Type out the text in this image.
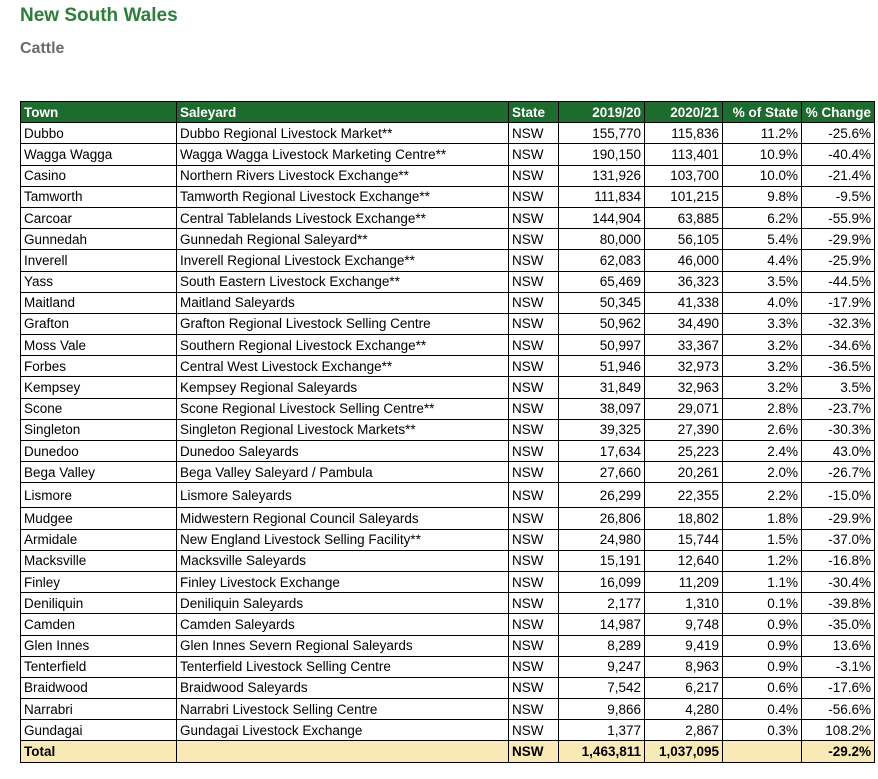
New South Wales
Cattle
Town	Saleyard	State	2019/20	2020/21	% of State	% Change
Dubbo	Dubbo Regional Livestock Market**	NSW	155,770	115,836	11.2%	-25.6%
Wagga Wagga	Wagga Wagga Livestock Marketing Centre**	NSW	190,150	113,401	10.9%	-40.4%
Casino	Northern Rivers Livestock Exchange**	NSW	131,926	103,700	10.0%	-21.4%
Tamworth	Tamworth Regional Livestock Exchange**	NSW	111,834	101,215	9.8%	-9.5%
Carcoar	Central Tablelands Livestock Exchange**	NSW	144,904	63,885	6.2%	-55.9%
Gunnedah	Gunnedah Regional Saleyard**	NSW	80,000	56,105	5.4%	-29.9%
Inverell	Inverell Regional Livestock Exchange**	NSW	62,083	46,000	4.4%	-25.9%
Yass	South Eastern Livestock Exchange**	NSW	65,469	36,323	3.5%	-44.5%
Maitland	Maitland Saleyards	NSW	50,345	41,338	4.0%	-17.9%
Grafton	Grafton Regional Livestock Selling Centre	NSW	50,962	34,490	3.3%	-32.3%
Moss Vale	Southern Regional Livestock Exchange**	NSW	50,997	33,367	3.2%	-34.6%
Forbes	Central West Livestock Exchange**	NSW	51,946	32,973	3.2%	-36.5%
Kempsey	Kempsey Regional Saleyards	NSW	31,849	32,963	3.2%	3.5%
Scone	Scone Regional Livestock Selling Centre**	NSW	38,097	29,071	2.8%	-23.7%
Singleton	Singleton Regional Livestock Markets**	NSW	39,325	27,390	2.6%	-30.3%
Dunedoo	Dunedoo Saleyards	NSW	17,634	25,223	2.4%	43.0%
Bega Valley	Bega Valley Saleyard / Pambula	NSW	27,660	20,261	2.0%	-26.7%
Lismore	Lismore Saleyards	NSW	26,299	22,355	2.2%	-15.0%
Mudgee	Midwestern Regional Council Saleyards	NSW	26,806	18,802	1.8%	-29.9%
Armidale	New England Livestock Selling Facility**	NSW	24,980	15,744	1.5%	-37.0%
Macksville	Macksville Saleyards	NSW	15,191	12,640	1.2%	-16.8%
Finley	Finley Livestock Exchange	NSW	16,099	11,209	1.1%	-30.4%
Deniliquin	Deniliquin Saleyards	NSW	2,177	1,310	0.1%	-39.8%
Camden	Camden Saleyards	NSW	14,987	9,748	0.9%	-35.0%
Glen Innes	Glen Innes Severn Regional Saleyards	NSW	8,289	9,419	0.9%	13.6%
Tenterfield	Tenterfield Livestock Selling Centre	NSW	9,247	8,963	0.9%	-3.1%
Braidwood	Braidwood Saleyards	NSW	7,542	6,217	0.6%	-17.6%
Narrabri	Narrabri Livestock Selling Centre	NSW	9,866	4,280	0.4%	-56.6%
Gundagai	Gundagai Livestock Exchange	NSW	1,377	2,867	0.3%	108.2%
Total		NSW	1,463,811	1,037,095		-29.2%
